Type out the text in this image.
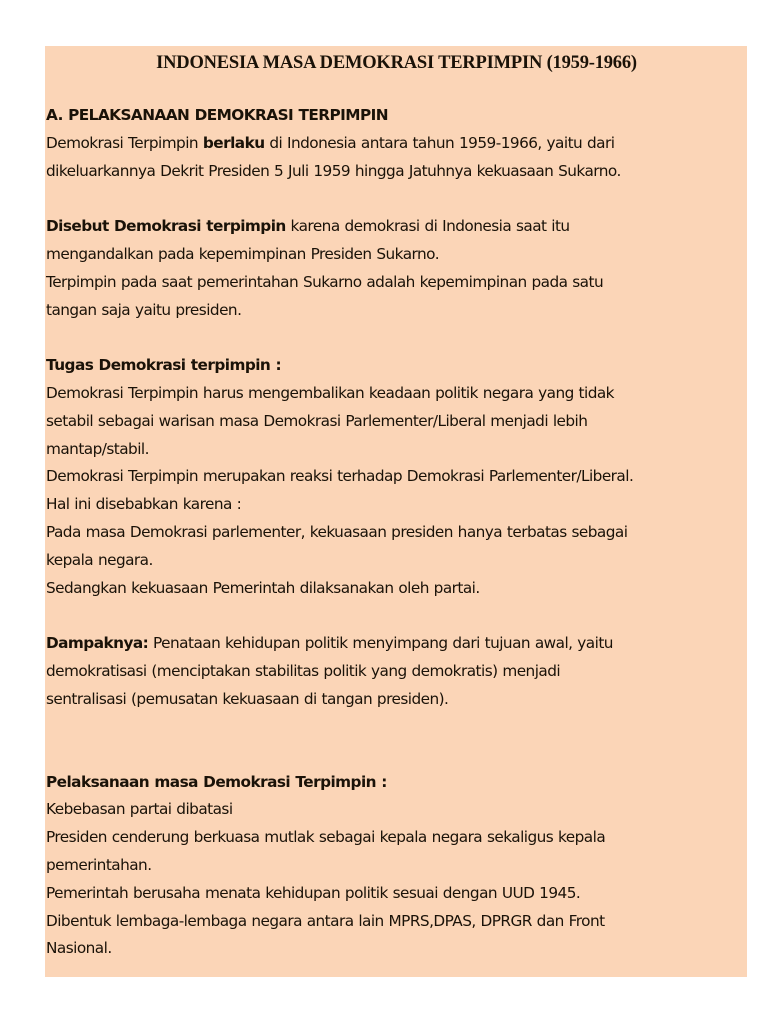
INDONESIA MASA DEMOKRASI TERPIMPIN (1959-1966)

A. PELAKSANAAN DEMOKRASI TERPIMPIN

Demokrasi Terpimpin berlaku di Indonesia antara tahun 1959-1966, yaitu dari

dikeluarkannya Dekrit Presiden 5 Juli 1959 hingga Jatuhnya kekuasaan Sukarno.

Disebut Demokrasi terpimpin karena demokrasi di Indonesia saat itu

mengandalkan pada kepemimpinan Presiden Sukarno.

Terpimpin pada saat pemerintahan Sukarno adalah kepemimpinan pada satu

tangan saja yaitu presiden.

Tugas Demokrasi terpimpin :

Demokrasi Terpimpin harus mengembalikan keadaan politik negara yang tidak

setabil sebagai warisan masa Demokrasi Parlementer/Liberal menjadi lebih

mantap/stabil.

Demokrasi Terpimpin merupakan reaksi terhadap Demokrasi Parlementer/Liberal.

Hal ini disebabkan karena :

Pada masa Demokrasi parlementer, kekuasaan presiden hanya terbatas sebagai

kepala negara.

Sedangkan kekuasaan Pemerintah dilaksanakan oleh partai.

Dampaknya: Penataan kehidupan politik menyimpang dari tujuan awal, yaitu

demokratisasi (menciptakan stabilitas politik yang demokratis) menjadi

sentralisasi (pemusatan kekuasaan di tangan presiden).

Pelaksanaan masa Demokrasi Terpimpin :

Kebebasan partai dibatasi

Presiden cenderung berkuasa mutlak sebagai kepala negara sekaligus kepala

pemerintahan.

Pemerintah berusaha menata kehidupan politik sesuai dengan UUD 1945.

Dibentuk lembaga-lembaga negara antara lain MPRS,DPAS, DPRGR dan Front

Nasional.
